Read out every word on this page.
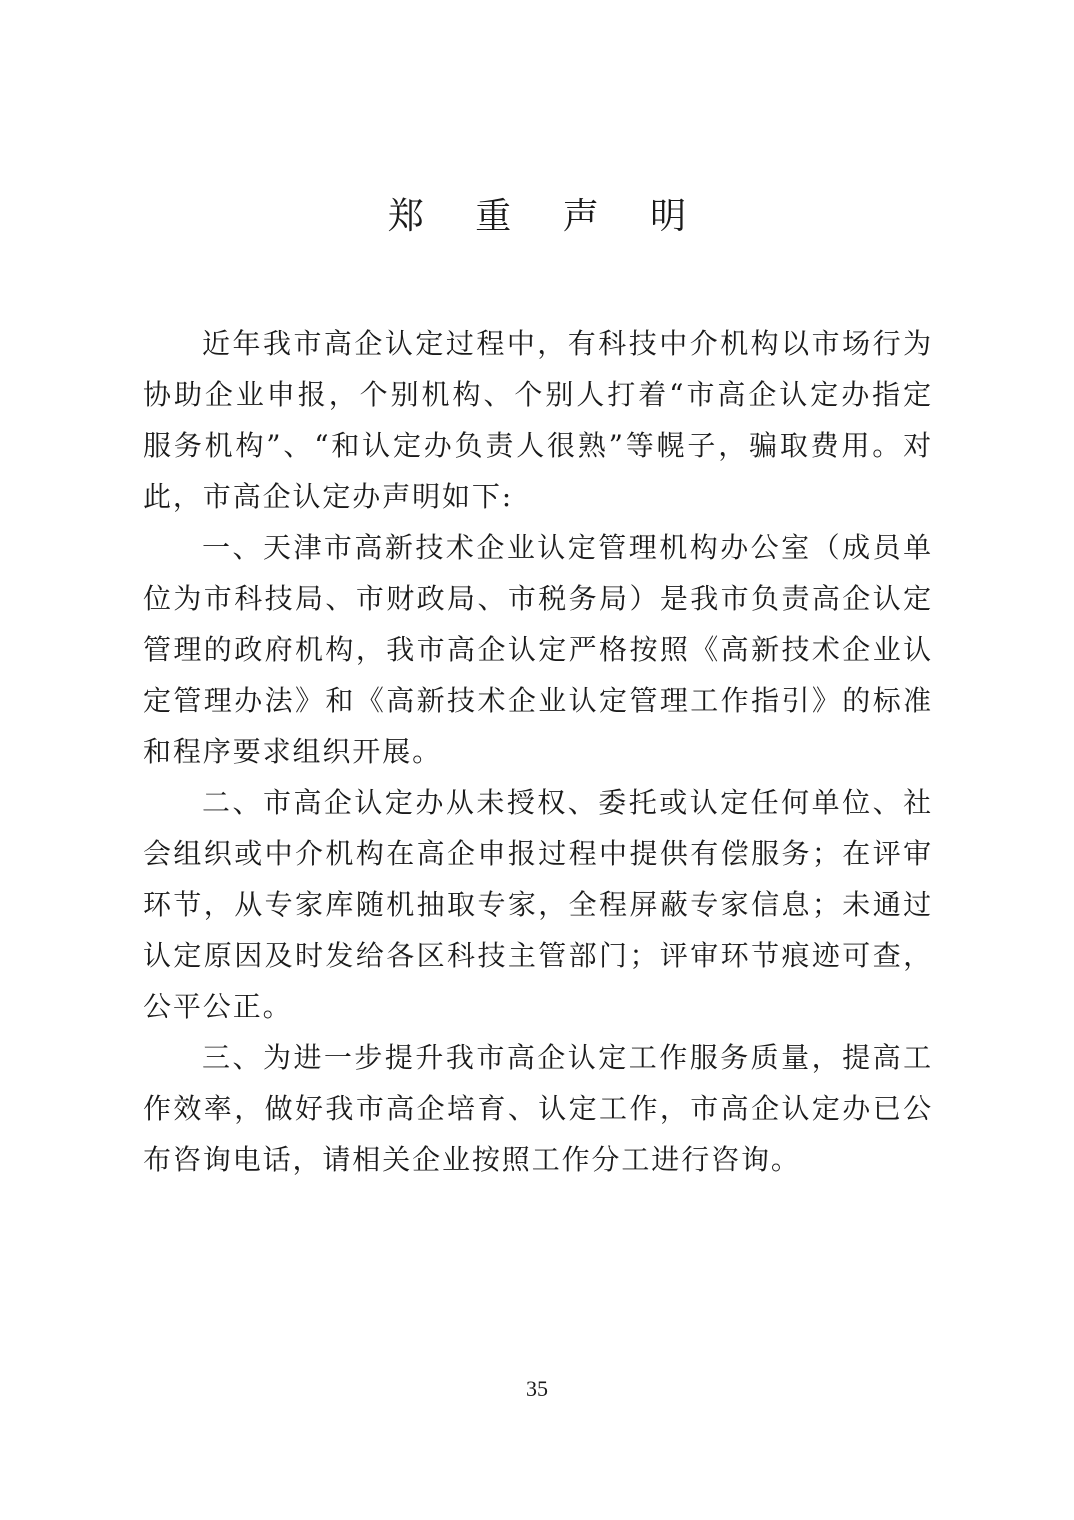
郑 重 声 明

近年我市高企认定过程中，有科技中介机构以市场行为协助企业申报，个别机构、个别人打着“市高企认定办指定服务机构”、“和认定办负责人很熟”等幌子，骗取费用。对此，市高企认定办声明如下:

一、天津市高新技术企业认定管理机构办公室（成员单位为市科技局、市财政局、市税务局）是我市负责高企认定管理的政府机构，我市高企认定严格按照《高新技术企业认定管理办法》和《高新技术企业认定管理工作指引》的标准和程序要求组织开展。

二、市高企认定办从未授权、委托或认定任何单位、社会组织或中介机构在高企申报过程中提供有偿服务；在评审环节，从专家库随机抽取专家，全程屏蔽专家信息；未通过认定原因及时发给各区科技主管部门；评审环节痕迹可查，公平公正。

三、为进一步提升我市高企认定工作服务质量，提高工作效率，做好我市高企培育、认定工作，市高企认定办已公布咨询电话，请相关企业按照工作分工进行咨询。

35
